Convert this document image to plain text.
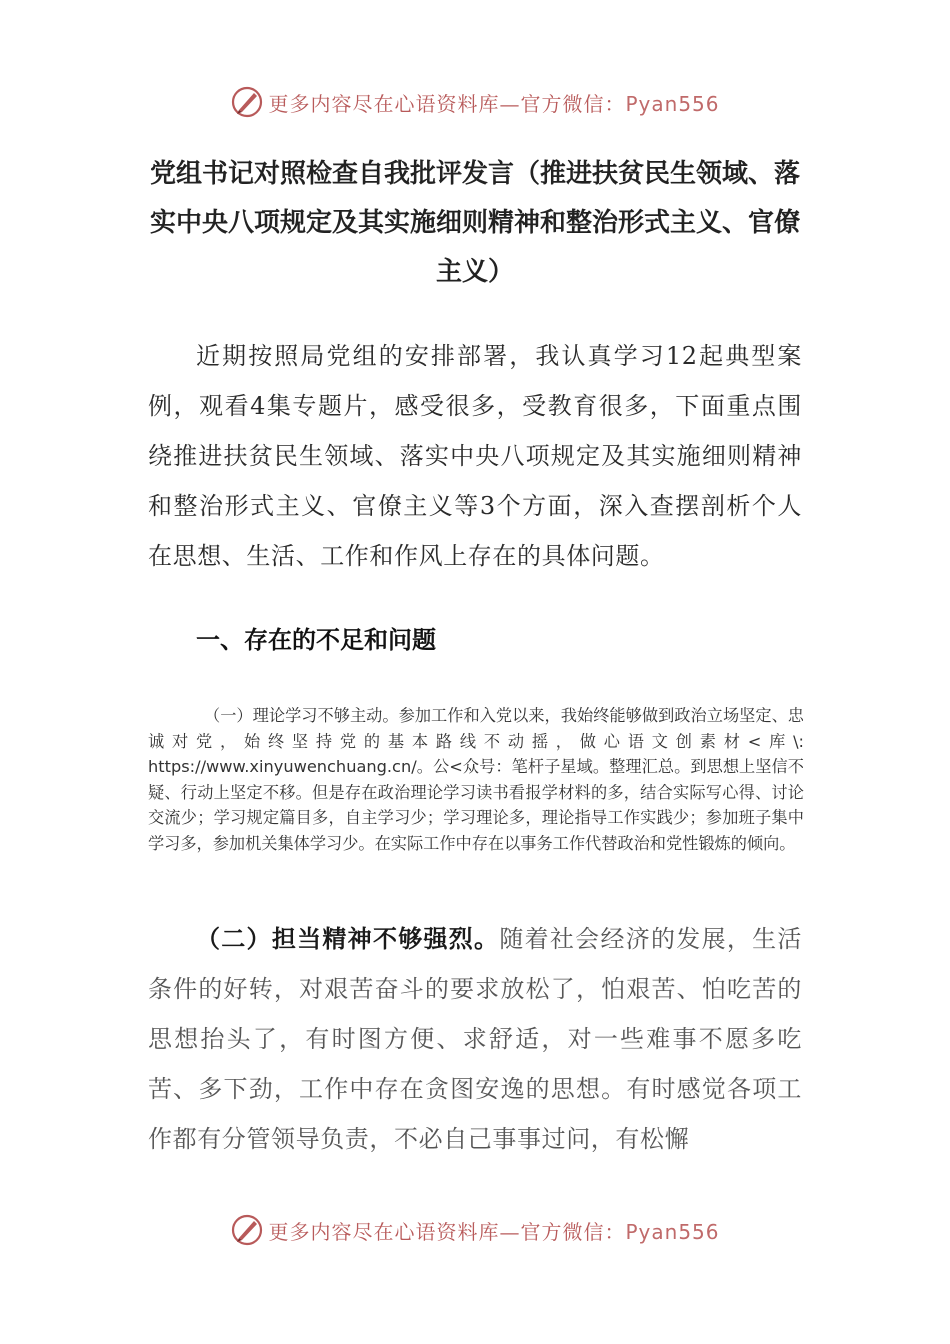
更多内容尽在心语资料库—官方微信：Pyan556
党组书记对照检查自我批评发言（推进扶贫民生领域、落实中央八项规定及其实施细则精神和整治形式主义、官僚主义）

近期按照局党组的安排部署，我认真学习12起典型案例，观看4集专题片，感受很多，受教育很多，下面重点围绕推进扶贫民生领域、落实中央八项规定及其实施细则精神和整治形式主义、官僚主义等3个方面，深入查摆剖析个人在思想、生活、工作和作风上存在的具体问题。

一、存在的不足和问题

（一）理论学习不够主动。参加工作和入党以来，我始终能够做到政治立场坚定、忠诚对党，始终坚持党的基本路线不动摇，做心语文创素材<库\: https://www.xinyuwenchuang.cn/。公<众号：笔杆子星域。整理汇总。到思想上坚信不疑、行动上坚定不移。但是存在政治理论学习读书看报学材料的多，结合实际写心得、讨论交流少；学习规定篇目多，自主学习少；学习理论多，理论指导工作实践少；参加班子集中学习多，参加机关集体学习少。在实际工作中存在以事务工作代替政治和党性锻炼的倾向。

（二）担当精神不够强烈。随着社会经济的发展，生活条件的好转，对艰苦奋斗的要求放松了，怕艰苦、怕吃苦的思想抬头了，有时图方便、求舒适，对一些难事不愿多吃苦、多下劲，工作中存在贪图安逸的思想。有时感觉各项工作都有分管领导负责，不必自己事事过问，有松懈

更多内容尽在心语资料库—官方微信：Pyan556
